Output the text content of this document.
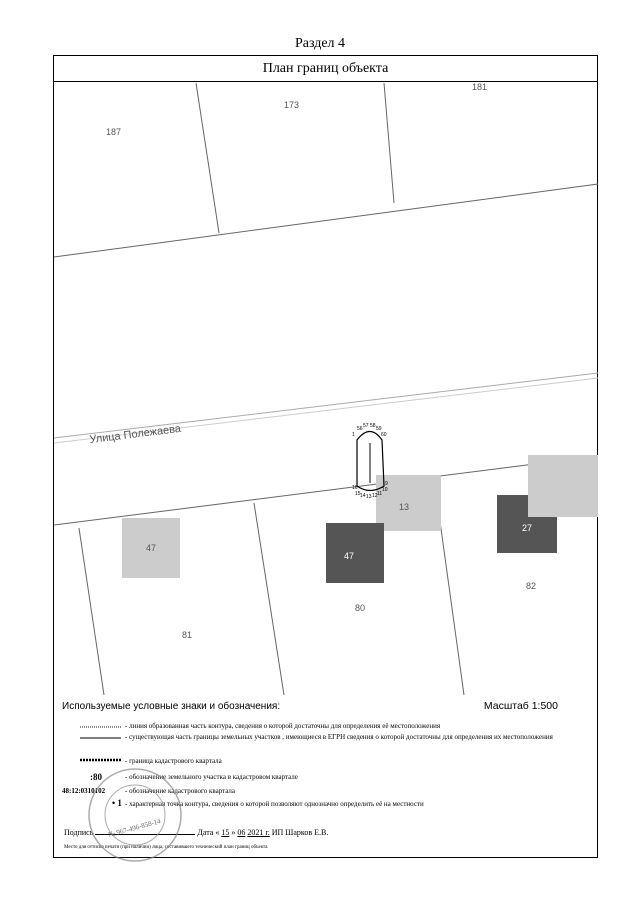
Раздел 4
План границ объекта
187
173
181
81
80
82
13
47
47
27
Улица Полежаева	1
56 57 58 59
60
16
15 14 13 12 11
10
9
Используемые условные знаки и обозначения:	Масштаб 1:500
:80
48:12:0310102
• 1
- линия образованная часть контура, сведения о которой достаточны для определения её местоположения
- существующая часть границы земельных участков , имеющиеся в ЕГРН сведения о которой достаточны для определения их местоположения
- граница кадастрового квартала
- обозначение земельного участка в кадастровом квартале
- обозначение кадастрового квартала
- характерная точка контура, сведения о которой позволяют однозначно определить её на местности
Подпись	Дата « 15 » 06 2021 г. ИП Шарков Е.В.
Место для оттиска печати (при наличии) лица, составившего технический план границ объекта
№ 967-496-858-14
